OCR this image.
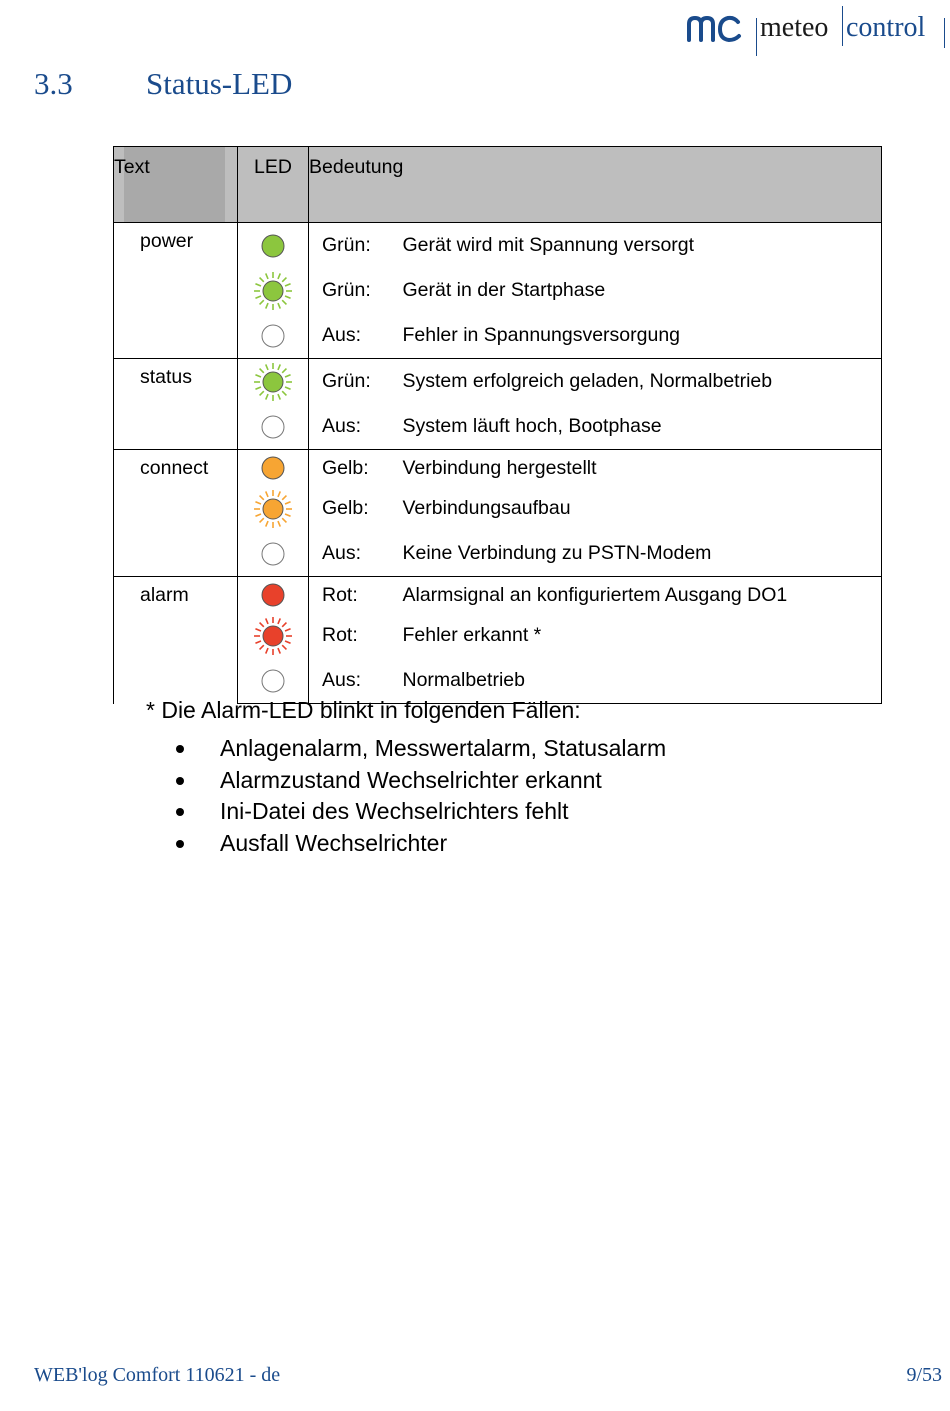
meteo control
3.3 Status-LED
Text	LED	Bedeutung	
power		Grün:	Gerät wird mit Spannung versorgt

	Grün:	Gerät in der Startphase

	Aus:	Fehler in Spannungsversorgung
status		Grün:	System erfolgreich geladen, Normalbetrieb

	Aus:	System läuft hoch, Bootphase
connect		Gelb:	Verbindung hergestellt

	Gelb:	Verbindungsaufbau

	Aus:	Keine Verbindung zu PSTN-Modem
alarm		Rot:	Alarmsignal an konfiguriertem Ausgang DO1

	Rot:	Fehler erkannt *

	Aus:	Normalbetrieb
* Die Alarm-LED blinkt in folgenden Fällen:
Anlagenalarm, Messwertalarm, Statusalarm
Alarmzustand Wechselrichter erkannt
Ini-Datei des Wechselrichters fehlt
Ausfall Wechselrichter
WEB'log Comfort 110621 - de	9/53
